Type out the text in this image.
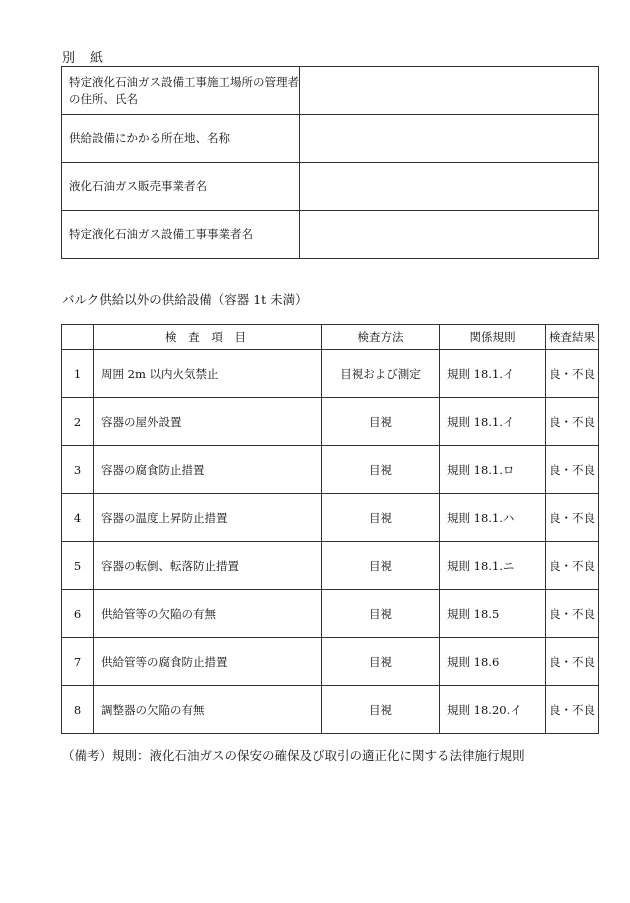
別　紙
特定液化石油ガス設備工事施工場所の管理者の住所、氏名	
供給設備にかかる所在地、名称	
液化石油ガス販売事業者名	
特定液化石油ガス設備工事事業者名	
バルク供給以外の供給設備（容器 1t 未満）
	検 査 項 目	検査方法	関係規則	検査結果
1	周囲 2m 以内火気禁止	目視および測定	規則 18.1.イ	良・不良
2	容器の屋外設置	目視	規則 18.1.イ	良・不良
3	容器の腐食防止措置	目視	規則 18.1.ロ	良・不良
4	容器の温度上昇防止措置	目視	規則 18.1.ハ	良・不良
5	容器の転倒、転落防止措置	目視	規則 18.1.ニ	良・不良
6	供給管等の欠陥の有無	目視	規則 18.5	良・不良
7	供給管等の腐食防止措置	目視	規則 18.6	良・不良
8	調整器の欠陥の有無	目視	規則 18.20.イ	良・不良
（備考）規則：液化石油ガスの保安の確保及び取引の適正化に関する法律施行規則
